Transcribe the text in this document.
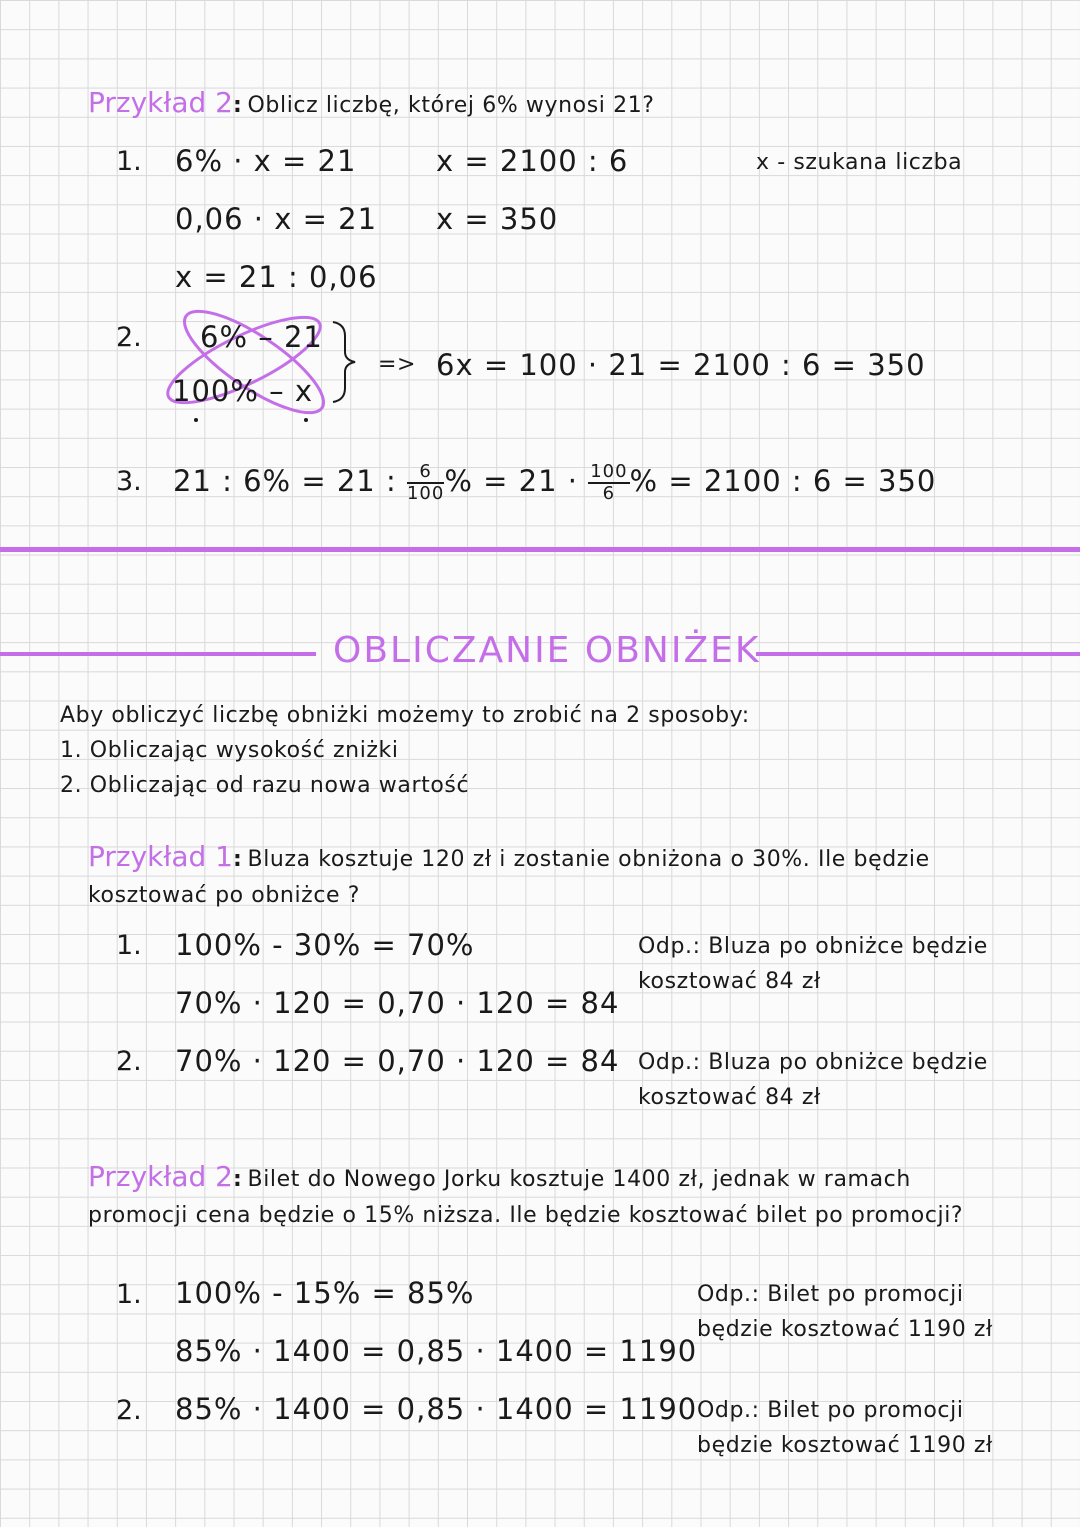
Przykład 2: Oblicz liczbę, której 6% wynosi 21?
1. 6% · x = 21
0,06 · x = 21
x = 21 : 0,06
x = 2100 : 6
x = 350
x - szukana liczba
2. 6% – 21
100% – x
=> 6x = 100 · 21 = 2100 : 6 = 350
3. 21 : 6% = 21 : $\frac{6}{100}$ % = $21 \cdot \frac{100}{6}$ % = 2100 : 6 = 350
OBLICZANIE OBNIŻEK
Aby obliczyć liczbę obniżki możemy to zrobić na 2 sposoby:
1. Obliczając wysokość zniżki
2. Obliczając od razu nowa wartość
Przykład 1: Bluza kosztuje 120 zł i zostanie obniżona o 30%. Ile będzie
kosztować po obniżce ?
1. 100% - 30% = 70%
70% · 120 = 0,70 · 120 = 84
Odp.: Bluza po obniżce będzie
kosztować 84 zł
2. 70% · 120 = 0,70 · 120 = 84 Odp.: Bluza po obniżce będzie
kosztować 84 zł
Przykład 2: Bilet do Nowego Jorku kosztuje 1400 zł, jednak w ramach
promocji cena będzie o 15% niższa. Ile będzie kosztować bilet po promocji?
1. 100% - 15% = 85%
85% · 1400 = 0,85 · 1400 = 1190
Odp.: Bilet po promocji
będzie kosztować 1190 zł
2. 85% · 1400 = 0,85 · 1400 = 1190 Odp.: Bilet po promocji
będzie kosztować 1190 zł
